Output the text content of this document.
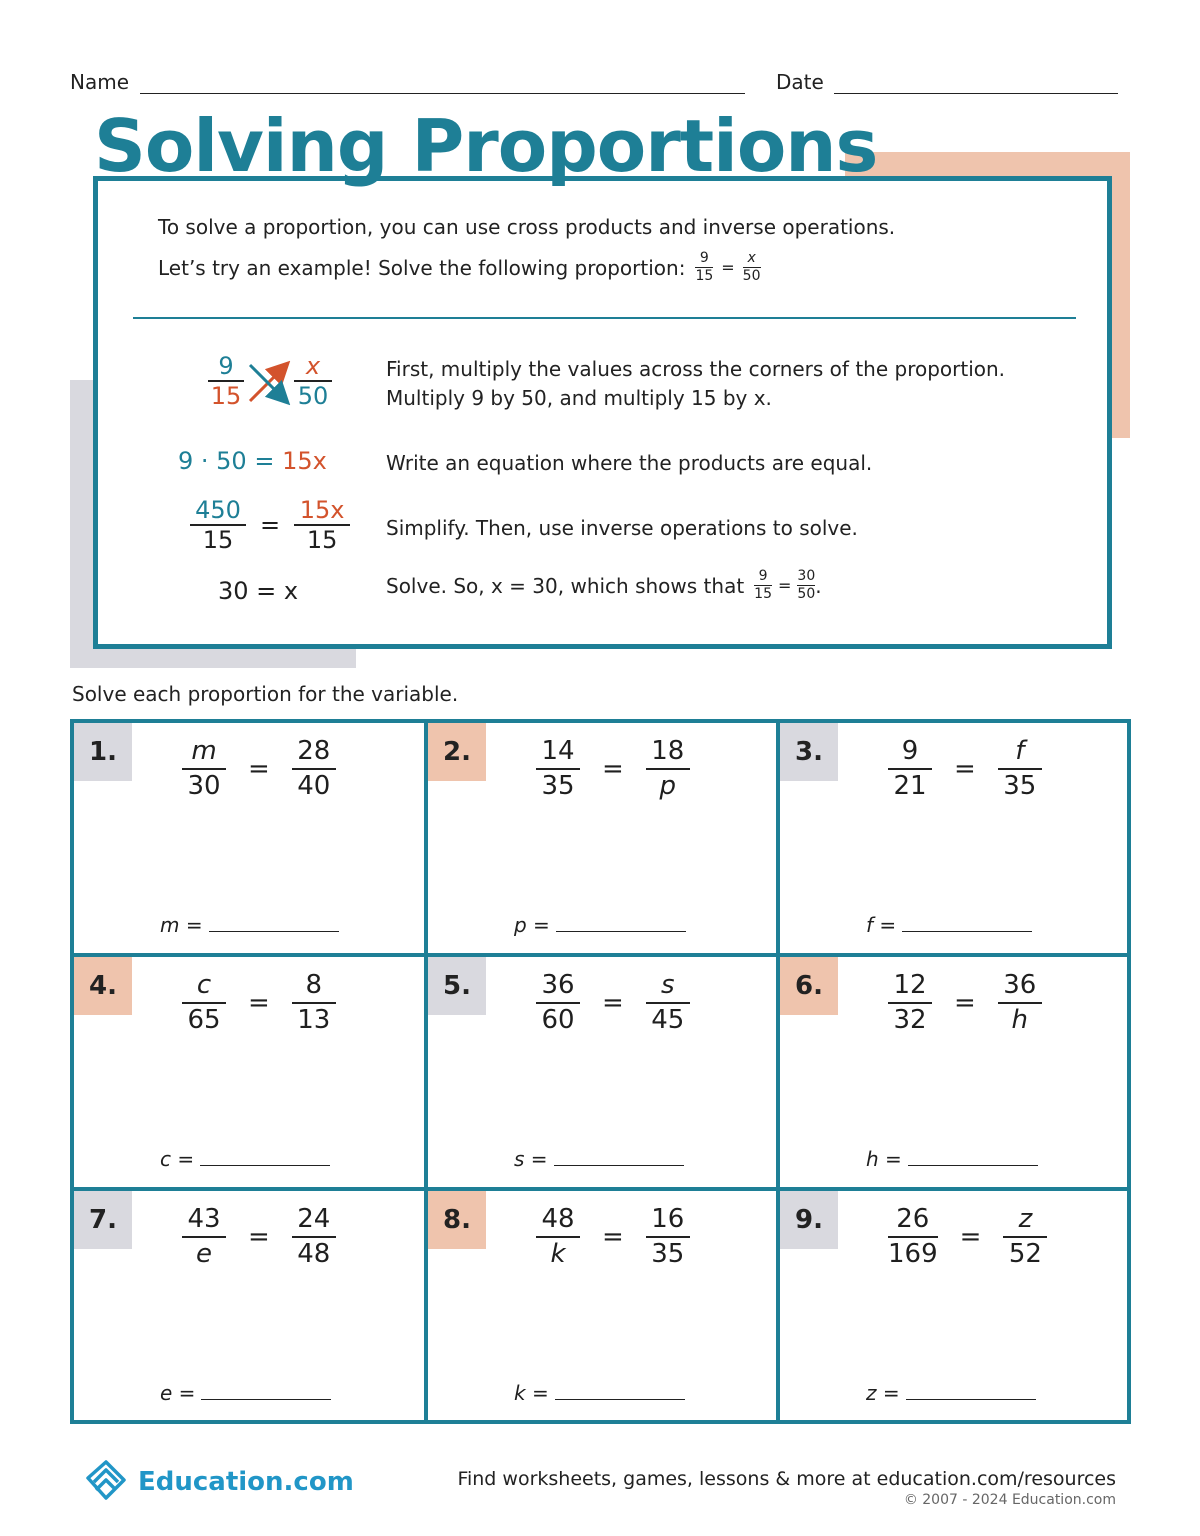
Name	Date
Solving Proportions
To solve a proportion, you can use cross products and inverse operations.
Let’s try an example! Solve the following proportion: $\frac{9}{15} = \frac{x}{50}$
9
15
x
50
First, multiply the values across the corners of the proportion.
Multiply 9 by 50, and multiply 15 by x.
9 · 50 = 15x	Write an equation where the products are equal.
$\frac{450}{15} = \frac{15x}{15}$ Simplify. Then, use inverse operations to solve.
30 = x	Solve. So, x = 30, which shows that $\frac{9}{15} = \frac{30}{50}$ .
Solve each proportion for the variable.
1.	$\frac{m}{30} = \frac{28}{40}$
m =
2.	$\frac{14}{35} = \frac{18}{p}$
p =
3.	$\frac{9}{21} = \frac{f}{35}$
f =
4.	$\frac{c}{65} = \frac{8}{13}$
c =
5.	$\frac{36}{60} = \frac{s}{45}$
s =
6.	$\frac{12}{32} = \frac{36}{h}$
h =
7.	$\frac{43}{e} = \frac{24}{48}$
e =
8.	$\frac{48}{k} = \frac{16}{35}$
k =
9.	$\frac{26}{169} = \frac{z}{52}$
z =
Education.com	Find worksheets, games, lessons & more at education.com/resources
© 2007 - 2024 Education.com
